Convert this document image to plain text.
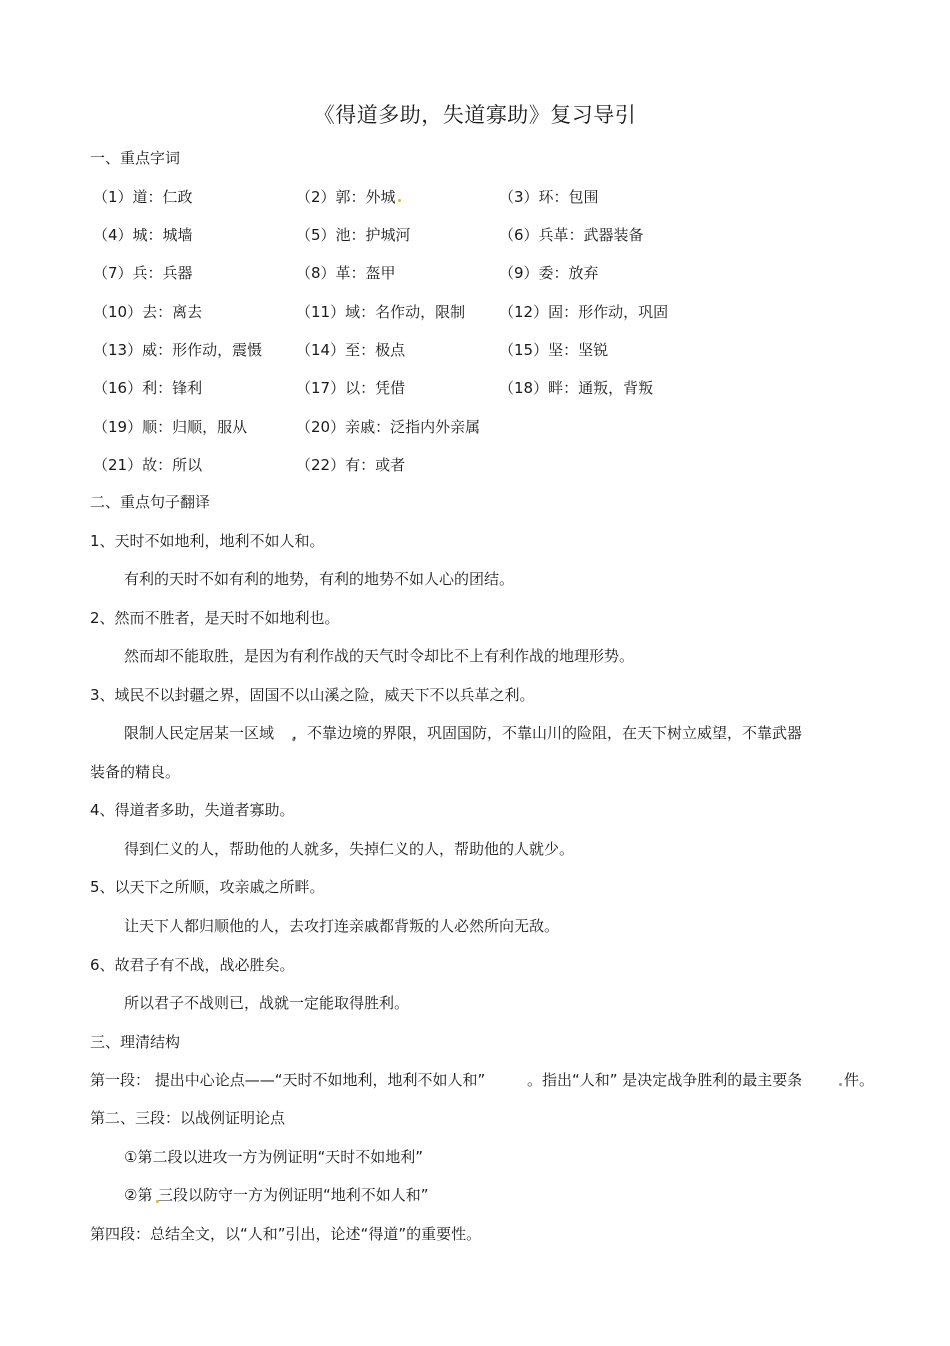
《得道多助，失道寡助》复习导引
一、重点字词
（1）道：仁政	（2）郭：外城	（3）环：包围
（4）城：城墙	（5）池：护城河	（6）兵革：武器装备
（7）兵：兵器	（8）革：盔甲	（9）委：放弃
（10）去：离去	（11）域：名作动，限制 （12）固：形作动，巩固
（13）威：形作动，震慑 （14）至：极点	（15）坚：坚锐
（16）利：锋利	（17）以：凭借	（18）畔：通叛，背叛
（19）顺：归顺，服从	（20）亲戚：泛指内外亲属
（21）故：所以	（22）有：或者
二、重点句子翻译
1、天时不如地利，地利不如人和。
有利的天时不如有利的地势，有利的地势不如人心的团结。
2、然而不胜者，是天时不如地利也。
然而却不能取胜，是因为有利作战的天气时令却比不上有利作战的地理形势。
3、域民不以封疆之界，固国不以山溪之险，威天下不以兵革之利。
限制人民定居某一区域 ，不靠边境的界限，巩固国防，不靠山川的险阻，在天下树立威望，不靠武器
装备的精良。
4、得道者多助，失道者寡助。
得到仁义的人，帮助他的人就多，失掉仁义的人，帮助他的人就少。
5、以天下之所顺，攻亲戚之所畔。
让天下人都归顺他的人，去攻打连亲戚都背叛的人必然所向无敌。
6、故君子有不战，战必胜矣。
所以君子不战则已，战就一定能取得胜利。
三、理清结构
第一段： 提出中心论点——“天时不如地利，地利不如人和”	。指出“人和” 是决定战争胜利的最主要条	件。
第二、三段：以战例证明论点
①第二段以进攻一方为例证明“天时不如地利”
②第 三段以防守一方为例证明“地利不如人和”
第四段：总结全文，以“人和”引出，论述“得道”的重要性。
